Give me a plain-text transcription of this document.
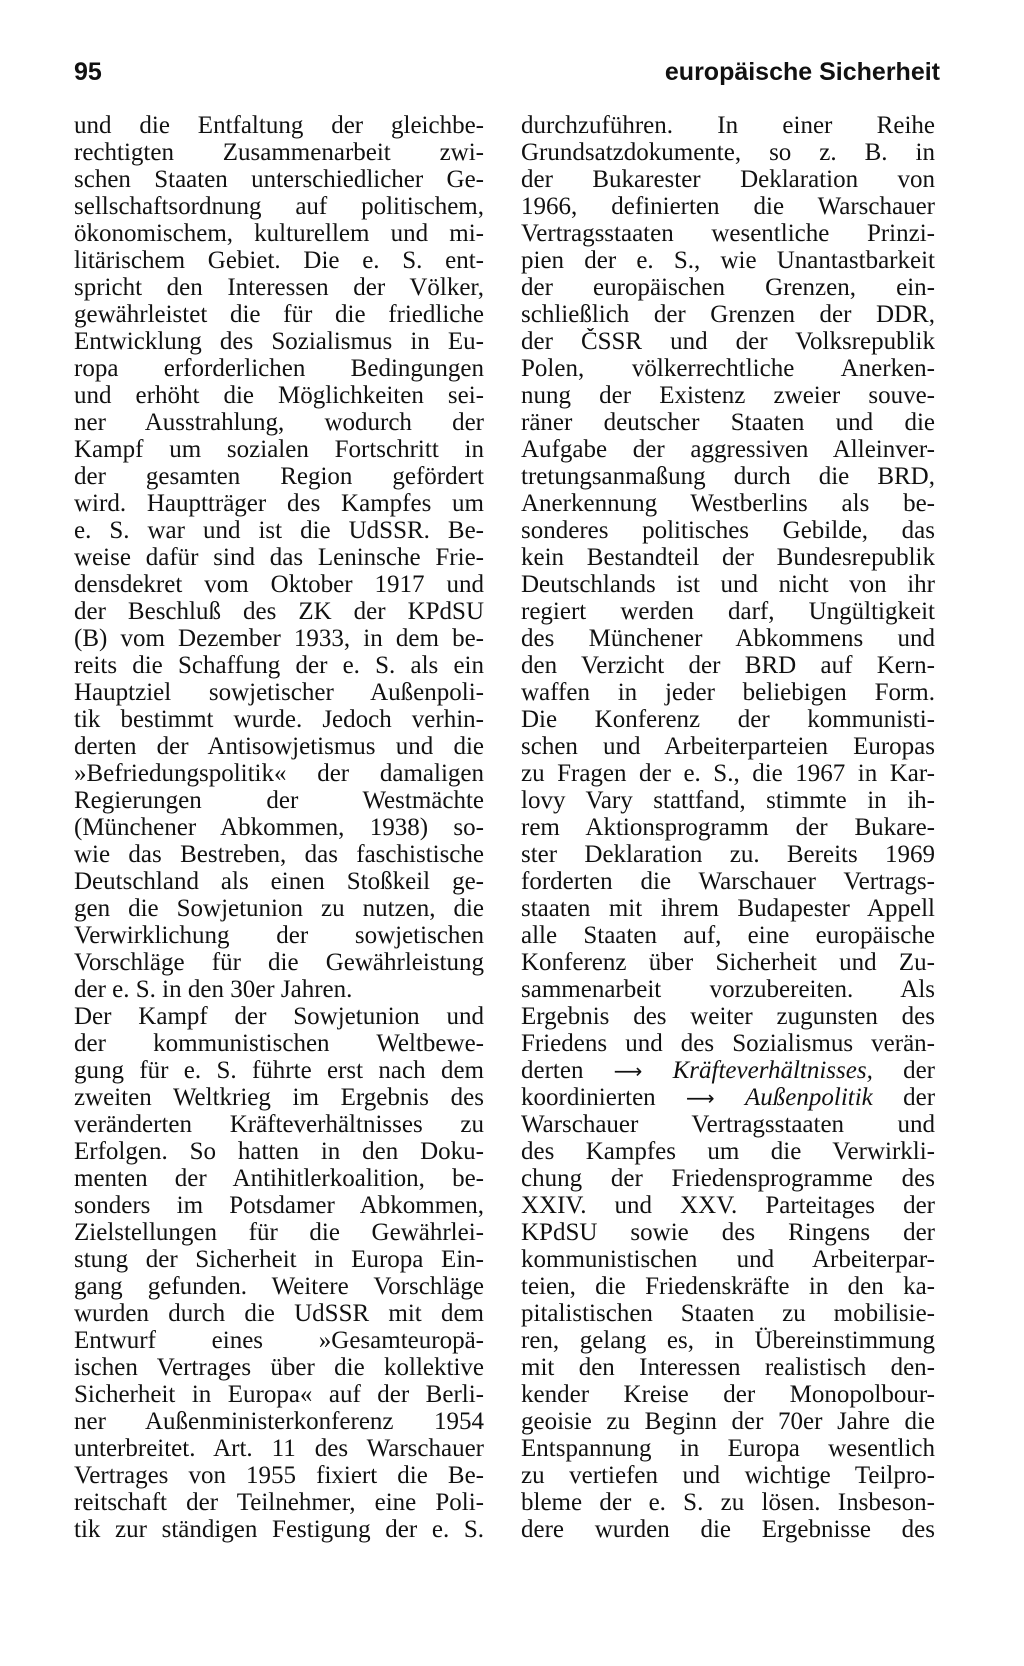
95	europäische Sicherheit
und die Entfaltung der gleichbe-
rechtigten Zusammenarbeit zwi-
schen Staaten unterschiedlicher Ge-
sellschaftsordnung auf politischem,
ökonomischem, kulturellem und mi-
litärischem Gebiet. Die e. S. ent-
spricht den Interessen der Völker,
gewährleistet die für die friedliche
Entwicklung des Sozialismus in Eu-
ropa erforderlichen Bedingungen
und erhöht die Möglichkeiten sei-
ner Ausstrahlung, wodurch der
Kampf um sozialen Fortschritt in
der gesamten Region gefördert
wird. Hauptträger des Kampfes um
e. S. war und ist die UdSSR. Be-
weise dafür sind das Leninsche Frie-
densdekret vom Oktober 1917 und
der Beschluß des ZK der KPdSU
(B) vom Dezember 1933, in dem be-
reits die Schaffung der e. S. als ein
Hauptziel sowjetischer Außenpoli-
tik bestimmt wurde. Jedoch verhin-
derten der Antisowjetismus und die
»Befriedungspolitik« der damaligen
Regierungen der Westmächte
(Münchener Abkommen, 1938) so-
wie das Bestreben, das faschistische
Deutschland als einen Stoßkeil ge-
gen die Sowjetunion zu nutzen, die
Verwirklichung der sowjetischen
Vorschläge für die Gewährleistung
der e. S. in den 30er Jahren.
Der Kampf der Sowjetunion und
der kommunistischen Weltbewe-
gung für e. S. führte erst nach dem
zweiten Weltkrieg im Ergebnis des
veränderten Kräfteverhältnisses zu
Erfolgen. So hatten in den Doku-
menten der Antihitlerkoalition, be-
sonders im Potsdamer Abkommen,
Zielstellungen für die Gewährlei-
stung der Sicherheit in Europa Ein-
gang gefunden. Weitere Vorschläge
wurden durch die UdSSR mit dem
Entwurf eines »Gesamteuropä-
ischen Vertrages über die kollektive
Sicherheit in Europa« auf der Berli-
ner Außenministerkonferenz 1954
unterbreitet. Art. 11 des Warschauer
Vertrages von 1955 fixiert die Be-
reitschaft der Teilnehmer, eine Poli-
tik zur ständigen Festigung der e. S.
durchzuführen. In einer Reihe
Grundsatzdokumente, so z. B. in
der Bukarester Deklaration von
1966, definierten die Warschauer
Vertragsstaaten wesentliche Prinzi-
pien der e. S., wie Unantastbarkeit
der europäischen Grenzen, ein-
schließlich der Grenzen der DDR,
der ČSSR und der Volksrepublik
Polen, völkerrechtliche Anerken-
nung der Existenz zweier souve-
räner deutscher Staaten und die
Aufgabe der aggressiven Alleinver-
tretungsanmaßung durch die BRD,
Anerkennung Westberlins als be-
sonderes politisches Gebilde, das
kein Bestandteil der Bundesrepublik
Deutschlands ist und nicht von ihr
regiert werden darf, Ungültigkeit
des Münchener Abkommens und
den Verzicht der BRD auf Kern-
waffen in jeder beliebigen Form.
Die Konferenz der kommunisti-
schen und Arbeiterparteien Europas
zu Fragen der e. S., die 1967 in Kar-
lovy Vary stattfand, stimmte in ih-
rem Aktionsprogramm der Bukare-
ster Deklaration zu. Bereits 1969
forderten die Warschauer Vertrags-
staaten mit ihrem Budapester Appell
alle Staaten auf, eine europäische
Konferenz über Sicherheit und Zu-
sammenarbeit vorzubereiten. Als
Ergebnis des weiter zugunsten des
Friedens und des Sozialismus verän-
derten ⟶ Kräfteverhältnisses, der
koordinierten ⟶ Außenpolitik der
Warschauer Vertragsstaaten und
des Kampfes um die Verwirkli-
chung der Friedensprogramme des
XXIV. und XXV. Parteitages der
KPdSU sowie des Ringens der
kommunistischen und Arbeiterpar-
teien, die Friedenskräfte in den ka-
pitalistischen Staaten zu mobilisie-
ren, gelang es, in Übereinstimmung
mit den Interessen realistisch den-
kender Kreise der Monopolbour-
geoisie zu Beginn der 70er Jahre die
Entspannung in Europa wesentlich
zu vertiefen und wichtige Teilpro-
bleme der e. S. zu lösen. Insbeson-
dere wurden die Ergebnisse des
